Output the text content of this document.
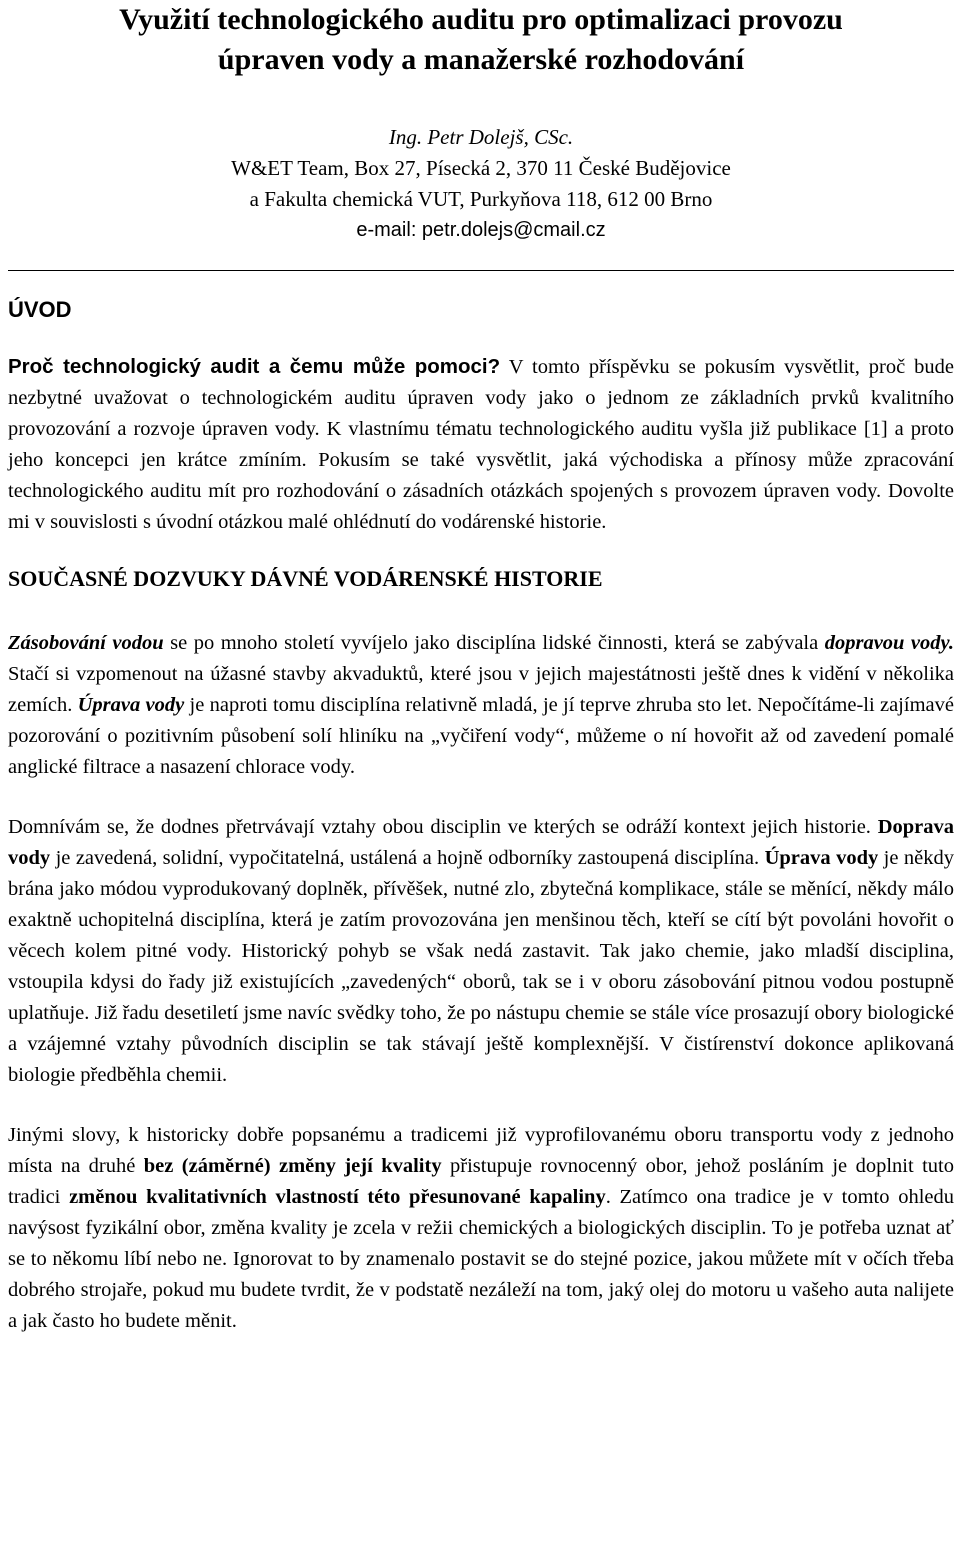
Využití technologického auditu pro optimalizaci provozu
úpraven vody a manažerské rozhodování
Ing. Petr Dolejš, CSc.
W&ET Team, Box 27, Písecká 2, 370 11 České Budějovice
a Fakulta chemická VUT, Purkyňova 118, 612 00 Brno
e-mail: petr.dolejs@cmail.cz
ÚVOD

Proč technologický audit a čemu může pomoci? V tomto příspěvku se pokusím vysvětlit, proč bude nezbytné uvažovat o technologickém auditu úpraven vody jako o jednom ze základních prvků kvalitního provozování a rozvoje úpraven vody. K vlastnímu tématu technologického auditu vyšla již publikace [1] a proto jeho koncepci jen krátce zmíním. Pokusím se také vysvětlit, jaká východiska a přínosy může zpracování technologického auditu mít pro rozhodování o zásadních otázkách spojených s provozem úpraven vody. Dovolte mi v souvislosti s úvodní otázkou malé ohlédnutí do vodárenské historie.

SOUČASNÉ DOZVUKY DÁVNÉ VODÁRENSKÉ HISTORIE

Zásobování vodou se po mnoho století vyvíjelo jako disciplína lidské činnosti, která se zabývala dopravou vody. Stačí si vzpomenout na úžasné stavby akvaduktů, které jsou v jejich majestátnosti ještě dnes k vidění v několika zemích. Úprava vody je naproti tomu disciplína relativně mladá, je jí teprve zhruba sto let. Nepočítáme-li zajímavé pozorování o pozitivním působení solí hliníku na „vyčiření vody“, můžeme o ní hovořit až od zavedení pomalé anglické filtrace a nasazení chlorace vody.

Domnívám se, že dodnes přetrvávají vztahy obou disciplin ve kterých se odráží kontext jejich historie. Doprava vody je zavedená, solidní, vypočitatelná, ustálená a hojně odborníky zastoupená disciplína. Úprava vody je někdy brána jako módou vyprodukovaný doplněk, přívěšek, nutné zlo, zbytečná komplikace, stále se měnící, někdy málo exaktně uchopitelná disciplína, která je zatím provozována jen menšinou těch, kteří se cítí být povoláni hovořit o věcech kolem pitné vody. Historický pohyb se však nedá zastavit. Tak jako chemie, jako mladší disciplina, vstoupila kdysi do řady již existujících „zavedených“ oborů, tak se i v oboru zásobování pitnou vodou postupně uplatňuje. Již řadu desetiletí jsme navíc svědky toho, že po nástupu chemie se stále více prosazují obory biologické a vzájemné vztahy původních disciplin se tak stávají ještě komplexnější. V čistírenství dokonce aplikovaná biologie předběhla chemii.

Jinými slovy, k historicky dobře popsanému a tradicemi již vyprofilovanému oboru transportu vody z jednoho místa na druhé bez (záměrné) změny její kvality přistupuje rovnocenný obor, jehož posláním je doplnit tuto tradici změnou kvalitativních vlastností této přesunované kapaliny. Zatímco ona tradice je v tomto ohledu navýsost fyzikální obor, změna kvality je zcela v režii chemických a biologických disciplin. To je potřeba uznat ať se to někomu líbí nebo ne. Ignorovat to by znamenalo postavit se do stejné pozice, jakou můžete mít v očích třeba dobrého strojaře, pokud mu budete tvrdit, že v podstatě nezáleží na tom, jaký olej do motoru u vašeho auta nalijete a jak často ho budete měnit.
